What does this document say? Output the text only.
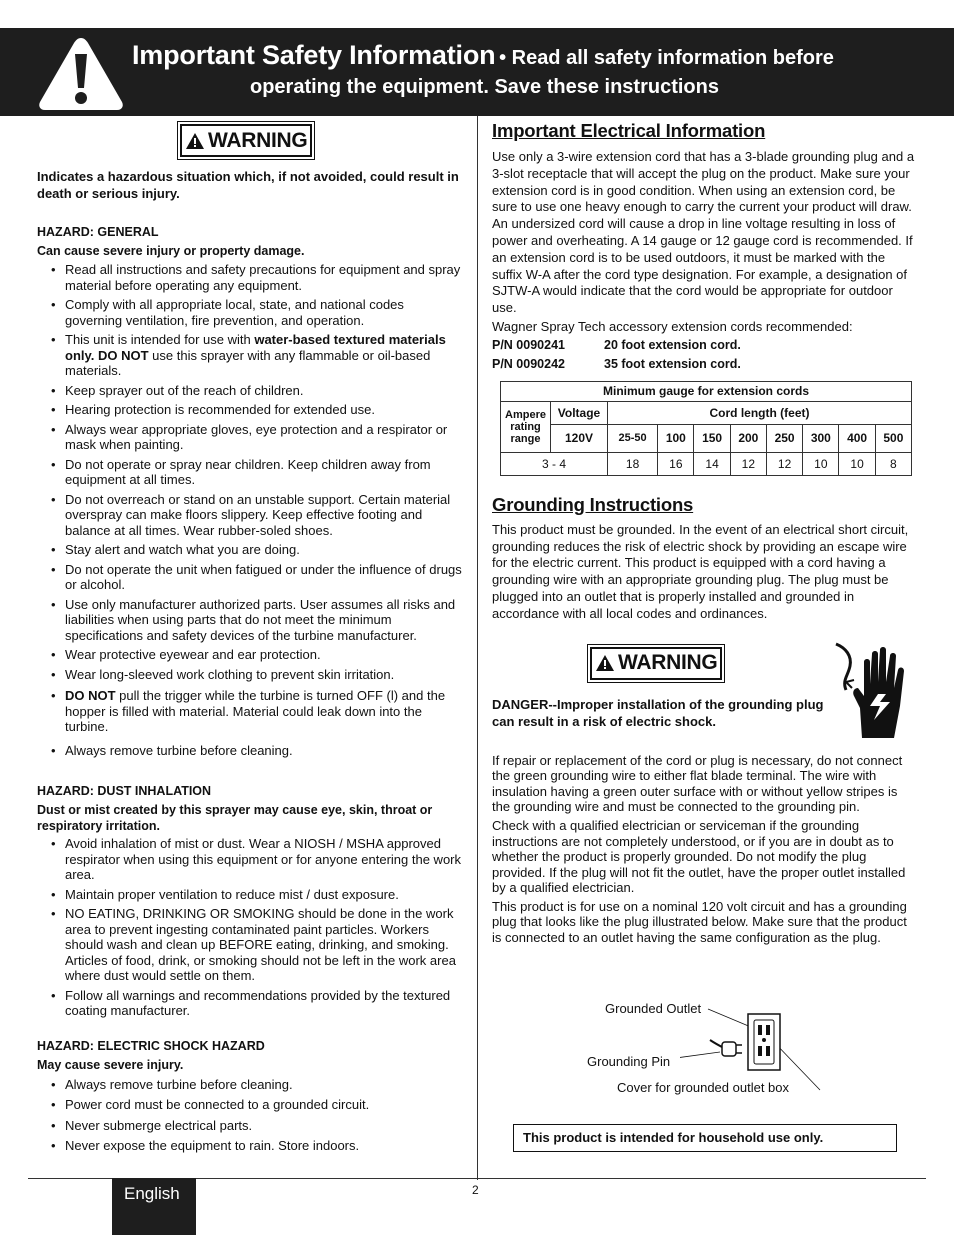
Important Safety Information • Read all safety information before
operating the equipment. Save these instructions
WARNING

Indicates a hazardous situation which, if not avoided, could result in death or serious injury.

HAZARD: GENERAL

Can cause severe injury or property damage.

• Read all instructions and safety precautions for equipment and spray material before operating any equipment.
• Comply with all appropriate local, state, and national codes governing ventilation, fire prevention, and operation.
• This unit is intended for use with water-based textured materials only. DO NOT use this sprayer with any flammable or oil-based materials.
• Keep sprayer out of the reach of children.
• Hearing protection is recommended for extended use.
• Always wear appropriate gloves, eye protection and a respirator or mask when painting.
• Do not operate or spray near children. Keep children away from equipment at all times.
• Do not overreach or stand on an unstable support. Certain material overspray can make floors slippery. Keep effective footing and balance at all times. Wear rubber-soled shoes.
• Stay alert and watch what you are doing.
• Do not operate the unit when fatigued or under the influence of drugs or alcohol.
• Use only manufacturer authorized parts. User assumes all risks and liabilities when using parts that do not meet the minimum specifications and safety devices of the turbine manufacturer.
• Wear protective eyewear and ear protection.
• Wear long-sleeved work clothing to prevent skin irritation.
• DO NOT pull the trigger while the turbine is turned OFF (l) and the hopper is filled with material. Material could leak down into the turbine.
• Always remove turbine before cleaning.

HAZARD: DUST INHALATION

Dust or mist created by this sprayer may cause eye, skin, throat or respiratory irritation.

• Avoid inhalation of mist or dust. Wear a NIOSH / MSHA approved respirator when using this equipment or for anyone entering the work area.
• Maintain proper ventilation to reduce mist / dust exposure.
• NO EATING, DRINKING OR SMOKING should be done in the work area to prevent ingesting contaminated paint particles. Workers should wash and clean up BEFORE eating, drinking, and smoking. Articles of food, drink, or smoking should not be left in the work area where dust would settle on them.
• Follow all warnings and recommendations provided by the textured coating manufacturer.

HAZARD: ELECTRIC SHOCK HAZARD

May cause severe injury.

• Always remove turbine before cleaning.
• Power cord must be connected to a grounded circuit.
• Never submerge electrical parts.
• Never expose the equipment to rain. Store indoors.

Important Electrical Information

Use only a 3-wire extension cord that has a 3-blade grounding plug and a 3-slot receptacle that will accept the plug on the product. Make sure your extension cord is in good condition. When using an extension cord, be sure to use one heavy enough to carry the current your product will draw. An undersized cord will cause a drop in line voltage resulting in loss of power and overheating. A 14 gauge or 12 gauge cord is recommended. If an extension cord is to be used outdoors, it must be marked with the suffix W-A after the cord type designation. For example, a designation of SJTW-A would indicate that the cord would be appropriate for outdoor use.

Wagner Spray Tech accessory extension cords recommended:

P/N 0090241	20 foot extension cord.
P/N 0090242	35 foot extension cord.
Minimum gauge for extension cords									
Ampere rating range	Voltage	Cord length (feet)							
	120V	25-50	100	150	200	250	300	400	500
3 - 4		18	16	14	12	12	10	10	8

Grounding Instructions

This product must be grounded. In the event of an electrical short circuit, grounding reduces the risk of electric shock by providing an escape wire for the electric current. This product is equipped with a cord having a grounding wire with an appropriate grounding plug. The plug must be plugged into an outlet that is properly installed and grounded in accordance with all local codes and ordinances.

WARNING

DANGER--Improper installation of the grounding plug can result in a risk of electric shock.

If repair or replacement of the cord or plug is necessary, do not connect the green grounding wire to either flat blade terminal. The wire with insulation having a green outer surface with or without yellow stripes is the grounding wire and must be connected to the grounding pin.

Check with a qualified electrician or serviceman if the grounding instructions are not completely understood, or if you are in doubt as to whether the product is properly grounded. Do not modify the plug provided. If the plug will not fit the outlet, have the proper outlet installed by a qualified electrician.

This product is for use on a nominal 120 volt circuit and has a grounding plug that looks like the plug illustrated below. Make sure that the product is connected to an outlet having the same configuration as the plug.

Grounded Outlet
Grounding Pin
Cover for grounded outlet box
This product is intended for household use only.
English	2
